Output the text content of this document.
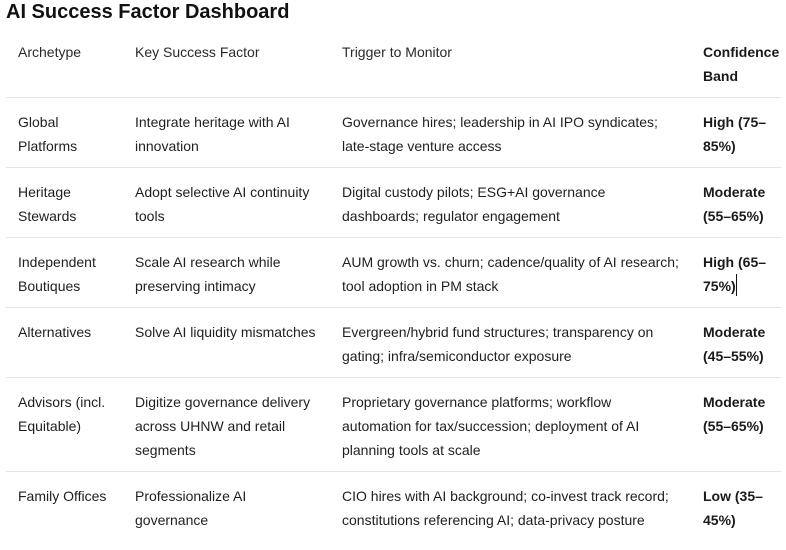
AI Success Factor Dashboard
Archetype	Key Success Factor	Trigger to Monitor	Confidence Band
Global Platforms	Integrate heritage with AI innovation	Governance hires; leadership in AI IPO syndicates; late-stage venture access	High (75–85%)
Heritage Stewards	Adopt selective AI continuity tools	Digital custody pilots; ESG+AI governance dashboards; regulator engagement	Moderate (55–65%)
Independent Boutiques	Scale AI research while preserving intimacy	AUM growth vs. churn; cadence/quality of AI research; tool adoption in PM stack	High (65–75%)
Alternatives	Solve AI liquidity mismatches	Evergreen/hybrid fund structures; transparency on gating; infra/semiconductor exposure	Moderate (45–55%)
Advisors (incl. Equitable)	Digitize governance delivery across UHNW and retail segments	Proprietary governance platforms; workflow automation for tax/succession; deployment of AI planning tools at scale	Moderate (55–65%)
Family Offices	Professionalize AI governance	CIO hires with AI background; co-invest track record; constitutions referencing AI; data-privacy posture	Low (35–45%)
